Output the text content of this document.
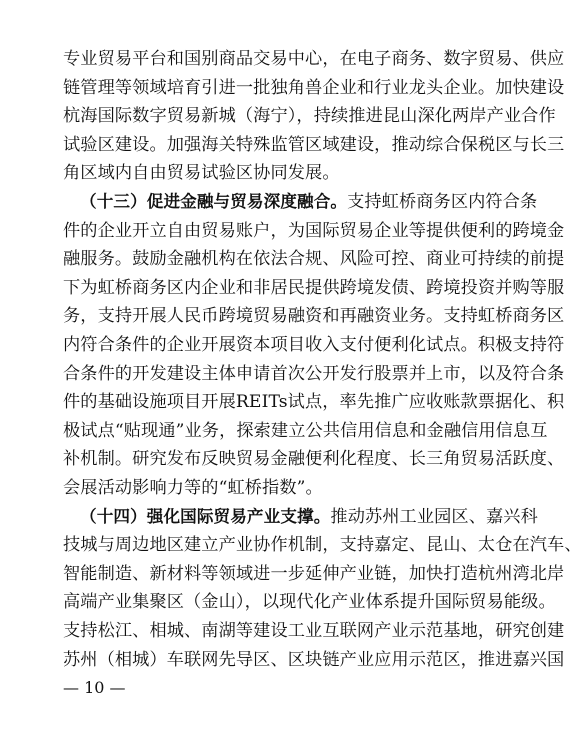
专业贸易平台和国别商品交易中心，在电子商务、数字贸易、供应
链管理等领域培育引进一批独角兽企业和行业龙头企业。加快建设
杭海国际数字贸易新城（海宁），持续推进昆山深化两岸产业合作
试验区建设。加强海关特殊监管区域建设，推动综合保税区与长三
角区域内自由贸易试验区协同发展。
（十三）促进金融与贸易深度融合。支持虹桥商务区内符合条
件的企业开立自由贸易账户，为国际贸易企业等提供便利的跨境金
融服务。鼓励金融机构在依法合规、风险可控、商业可持续的前提
下为虹桥商务区内企业和非居民提供跨境发债、跨境投资并购等服
务，支持开展人民币跨境贸易融资和再融资业务。支持虹桥商务区
内符合条件的企业开展资本项目收入支付便利化试点。积极支持符
合条件的开发建设主体申请首次公开发行股票并上市，以及符合条
件的基础设施项目开展REITs试点，率先推广应收账款票据化、积
极试点“贴现通”业务，探索建立公共信用信息和金融信用信息互
补机制。研究发布反映贸易金融便利化程度、长三角贸易活跃度、
会展活动影响力等的“虹桥指数”。
（十四）强化国际贸易产业支撑。推动苏州工业园区、嘉兴科
技城与周边地区建立产业协作机制，支持嘉定、昆山、太仓在汽车、
智能制造、新材料等领域进一步延伸产业链，加快打造杭州湾北岸
高端产业集聚区（金山），以现代化产业体系提升国际贸易能级。
支持松江、相城、南湖等建设工业互联网产业示范基地，研究创建
苏州（相城）车联网先导区、区块链产业应用示范区，推进嘉兴国
— 10 —
